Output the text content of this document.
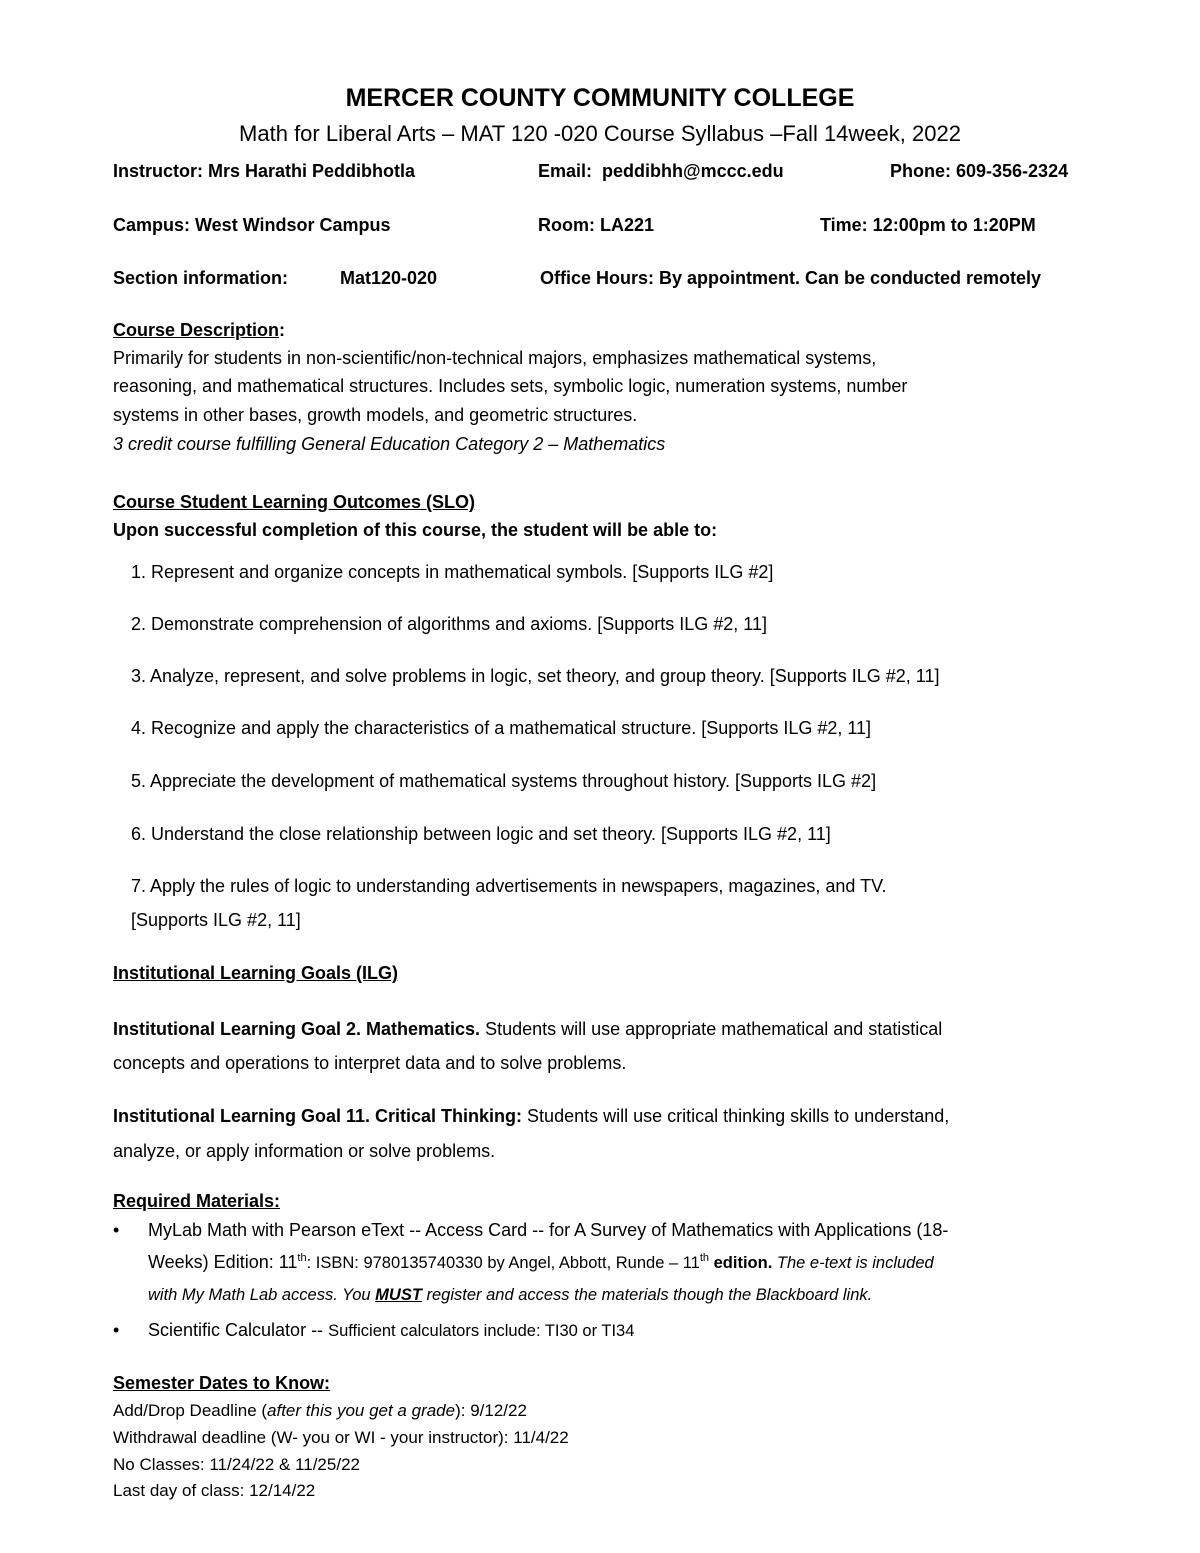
MERCER COUNTY COMMUNITY COLLEGE
Math for Liberal Arts – MAT 120 -020 Course Syllabus –Fall 14week, 2022
Instructor: Mrs Harathi Peddibhotla	Email: peddibhh@mccc.edu	Phone: 609-356-2324
Campus: West Windsor Campus	Room: LA221	Time: 12:00pm to 1:20PM
Section information:	Mat120-020	Office Hours: By appointment. Can be conducted remotely
Course Description:
Primarily for students in non-scientific/non-technical majors, emphasizes mathematical systems,
reasoning, and mathematical structures. Includes sets, symbolic logic, numeration systems, number
systems in other bases, growth models, and geometric structures.
3 credit course fulfilling General Education Category 2 – Mathematics
Course Student Learning Outcomes (SLO)
Upon successful completion of this course, the student will be able to:
1. Represent and organize concepts in mathematical symbols. [Supports ILG #2]
2. Demonstrate comprehension of algorithms and axioms. [Supports ILG #2, 11]
3. Analyze, represent, and solve problems in logic, set theory, and group theory. [Supports ILG #2, 11]
4. Recognize and apply the characteristics of a mathematical structure. [Supports ILG #2, 11]
5. Appreciate the development of mathematical systems throughout history. [Supports ILG #2]
6. Understand the close relationship between logic and set theory. [Supports ILG #2, 11]
7. Apply the rules of logic to understanding advertisements in newspapers, magazines, and TV.
[Supports ILG #2, 11]
Institutional Learning Goals (ILG)
Institutional Learning Goal 2. Mathematics. Students will use appropriate mathematical and statistical
concepts and operations to interpret data and to solve problems.
Institutional Learning Goal 11. Critical Thinking: Students will use critical thinking skills to understand,
analyze, or apply information or solve problems.
Required Materials:
• MyLab Math with Pearson eText -- Access Card -- for A Survey of Mathematics with Applications (18-
Weeks) Edition: 11th: ISBN: 9780135740330 by Angel, Abbott, Runde – 11th edition. The e-text is included
with My Math Lab access. You MUST register and access the materials though the Blackboard link.
• Scientific Calculator -- Sufficient calculators include: TI30 or TI34
Semester Dates to Know:
Add/Drop Deadline (after this you get a grade): 9/12/22
Withdrawal deadline (W- you or WI - your instructor): 11/4/22
No Classes: 11/24/22 & 11/25/22
Last day of class: 12/14/22
